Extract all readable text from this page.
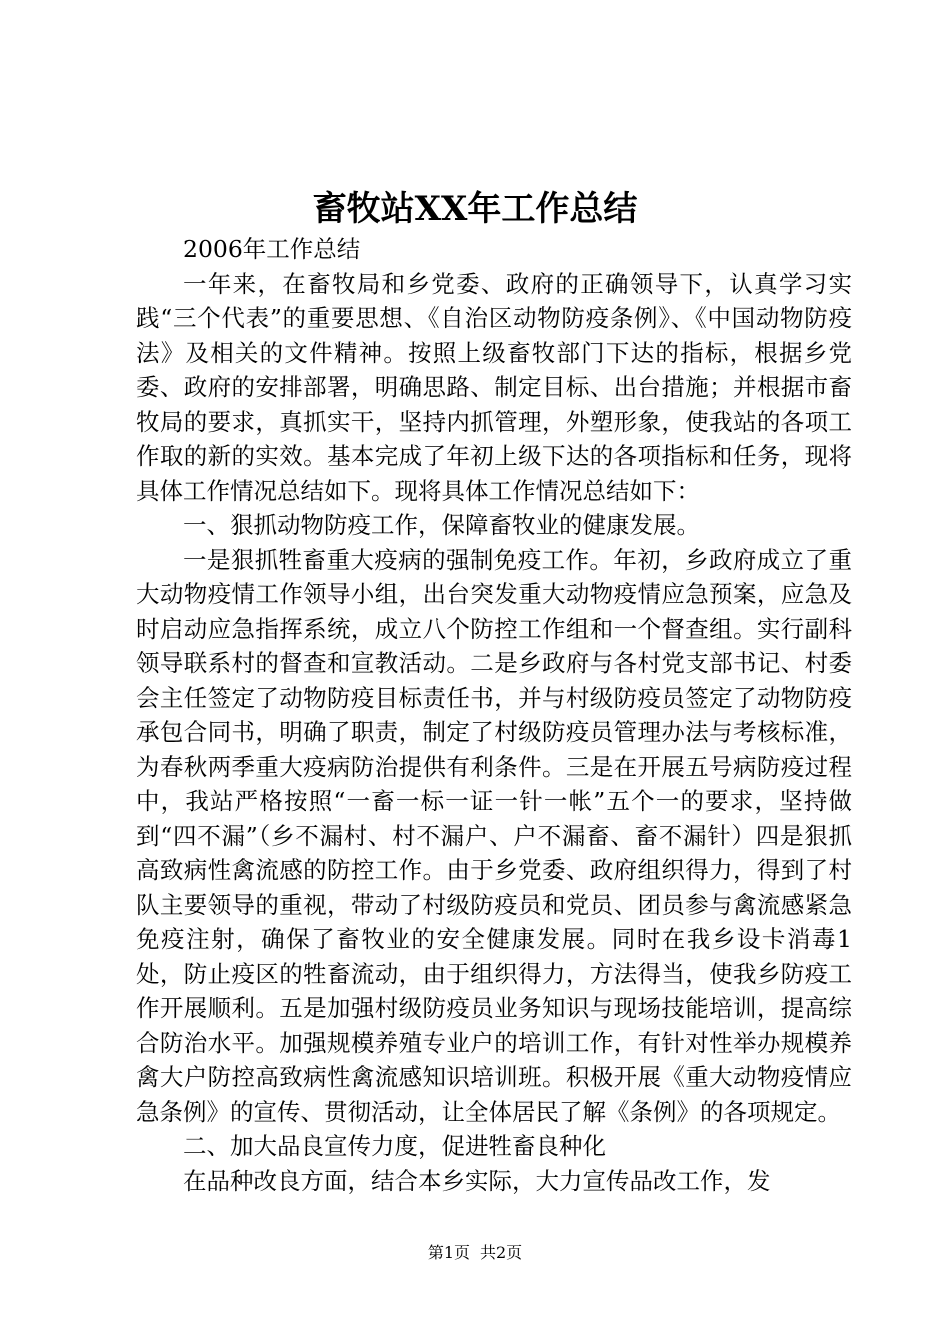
畜牧站XX年工作总结

2006年工作总结

一年来，在畜牧局和乡党委、政府的正确领导下，认真学习实践“三个代表”的重要思想、《自治区动物防疫条例》、《中国动物防疫法》及相关的文件精神。按照上级畜牧部门下达的指标，根据乡党委、政府的安排部署，明确思路、制定目标、出台措施；并根据市畜牧局的要求，真抓实干，坚持内抓管理，外塑形象，使我站的各项工作取的新的实效。基本完成了年初上级下达的各项指标和任务，现将具体工作情况总结如下。现将具体工作情况总结如下：

一、狠抓动物防疫工作，保障畜牧业的健康发展。

一是狠抓牲畜重大疫病的强制免疫工作。年初，乡政府成立了重大动物疫情工作领导小组，出台突发重大动物疫情应急预案，应急及时启动应急指挥系统，成立八个防控工作组和一个督查组。实行副科领导联系村的督查和宣教活动。二是乡政府与各村党支部书记、村委会主任签定了动物防疫目标责任书，并与村级防疫员签定了动物防疫承包合同书，明确了职责，制定了村级防疫员管理办法与考核标准，为春秋两季重大疫病防治提供有利条件。三是在开展五号病防疫过程中，我站严格按照“一畜一标一证一针一帐”五个一的要求，坚持做到“四不漏”（乡不漏村、村不漏户、户不漏畜、畜不漏针）四是狠抓高致病性禽流感的防控工作。由于乡党委、政府组织得力，得到了村队主要领导的重视，带动了村级防疫员和党员、团员参与禽流感紧急免疫注射，确保了畜牧业的安全健康发展。同时在我乡设卡消毒1处，防止疫区的牲畜流动，由于组织得力，方法得当，使我乡防疫工作开展顺利。五是加强村级防疫员业务知识与现场技能培训，提高综合防治水平。加强规模养殖专业户的培训工作，有针对性举办规模养禽大户防控高致病性禽流感知识培训班。积极开展《重大动物疫情应急条例》的宣传、贯彻活动，让全体居民了解《条例》的各项规定。

二、加大品良宣传力度，促进牲畜良种化

在品种改良方面，结合本乡实际，大力宣传品改工作，发

第1页 共2页
